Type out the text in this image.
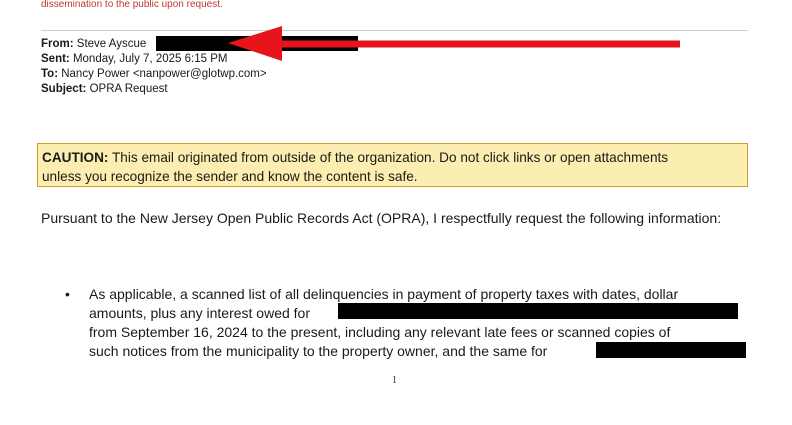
dissemination to the public upon request.
From: Steve Ayscue
Sent: Monday, July 7, 2025 6:15 PM
To: Nancy Power <nanpower@glotwp.com>
Subject: OPRA Request
CAUTION: This email originated from outside of the organization. Do not click links or open attachments
unless you recognize the sender and know the content is safe.
Pursuant to the New Jersey Open Public Records Act (OPRA), I respectfully request the following information:
• As applicable, a scanned list of all delinquencies in payment of property taxes with dates, dollar
amounts, plus any interest owed for
from September 16, 2024 to the present, including any relevant late fees or scanned copies of
such notices from the municipality to the property owner, and the same for
1
